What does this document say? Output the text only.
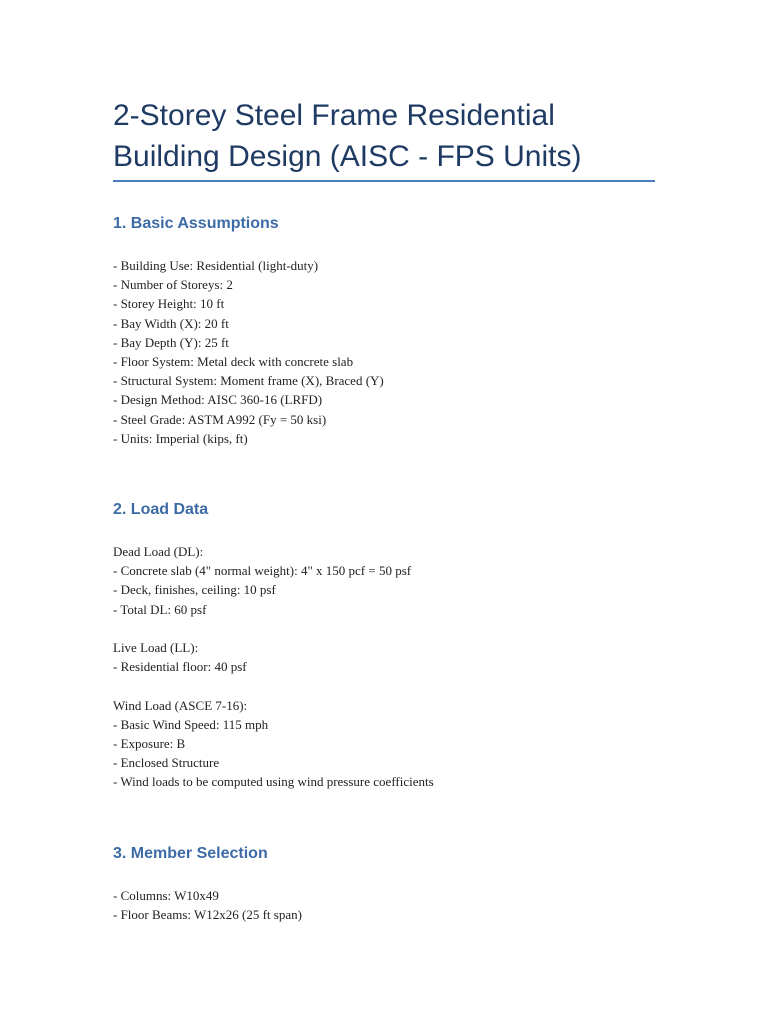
2-Storey Steel Frame Residential Building Design (AISC - FPS Units)
1. Basic Assumptions
- Building Use: Residential (light-duty)
- Number of Storeys: 2
- Storey Height: 10 ft
- Bay Width (X): 20 ft
- Bay Depth (Y): 25 ft
- Floor System: Metal deck with concrete slab
- Structural System: Moment frame (X), Braced (Y)
- Design Method: AISC 360-16 (LRFD)
- Steel Grade: ASTM A992 (Fy = 50 ksi)
- Units: Imperial (kips, ft)
2. Load Data
Dead Load (DL):
- Concrete slab (4" normal weight): 4" x 150 pcf = 50 psf
- Deck, finishes, ceiling: 10 psf
- Total DL: 60 psf
Live Load (LL):
- Residential floor: 40 psf
Wind Load (ASCE 7-16):
- Basic Wind Speed: 115 mph
- Exposure: B
- Enclosed Structure
- Wind loads to be computed using wind pressure coefficients
3. Member Selection
- Columns: W10x49
- Floor Beams: W12x26 (25 ft span)
